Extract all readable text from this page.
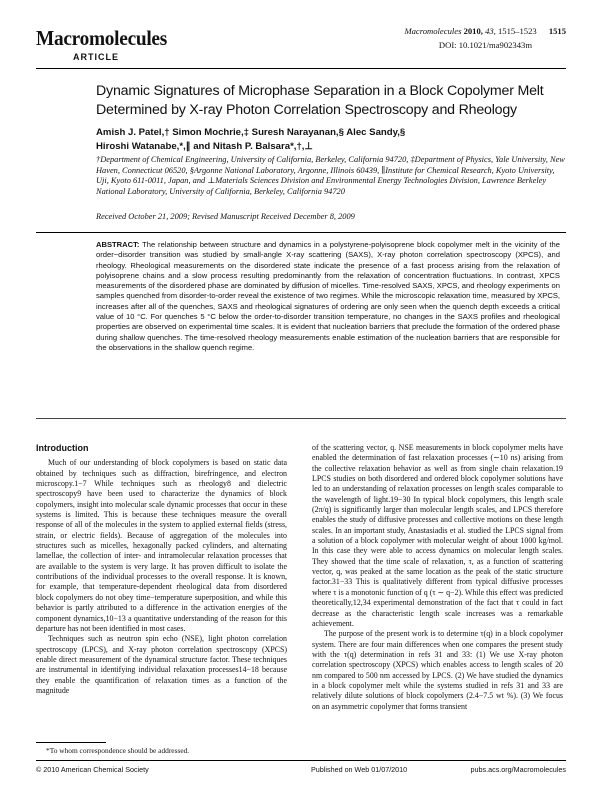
Macromolecules
ARTICLE
Macromolecules 2010, 43, 1515–1523 1515
DOI: 10.1021/ma902343m
Dynamic Signatures of Microphase Separation in a Block Copolymer Melt Determined by X-ray Photon Correlation Spectroscopy and Rheology
Amish J. Patel,† Simon Mochrie,‡ Suresh Narayanan,§ Alec Sandy,§
Hiroshi Watanabe,*,∥ and Nitash P. Balsara*,†,⊥
†Department of Chemical Engineering, University of California, Berkeley, California 94720, ‡Department of Physics, Yale University, New Haven, Connecticut 06520, §Argonne National Laboratory, Argonne, Illinois 60439, ∥Institute for Chemical Research, Kyoto University, Uji, Kyoto 611-0011, Japan, and ⊥Materials Sciences Division and Environmental Energy Technologies Division, Lawrence Berkeley National Laboratory, University of California, Berkeley, California 94720
Received October 21, 2009; Revised Manuscript Received December 8, 2009
ABSTRACT: The relationship between structure and dynamics in a polystyrene-polyisoprene block copolymer melt in the vicinity of the order−disorder transition was studied by small-angle X-ray scattering (SAXS), X-ray photon correlation spectroscopy (XPCS), and rheology. Rheological measurements on the disordered state indicate the presence of a fast process arising from the relaxation of polyisoprene chains and a slow process resulting predominantly from the relaxation of concentration fluctuations. In contrast, XPCS measurements of the disordered phase are dominated by diffusion of micelles. Time-resolved SAXS, XPCS, and rheology experiments on samples quenched from disorder-to-order reveal the existence of two regimes. While the microscopic relaxation time, measured by XPCS, increases after all of the quenches, SAXS and rheological signatures of ordering are only seen when the quench depth exceeds a critical value of 10 °C. For quenches 5 °C below the order-to-disorder transition temperature, no changes in the SAXS profiles and rheological properties are observed on experimental time scales. It is evident that nucleation barriers that preclude the formation of the ordered phase during shallow quenches. The time-resolved rheology measurements enable estimation of the nucleation barriers that are responsible for the observations in the shallow quench regime.
Introduction

Much of our understanding of block copolymers is based on static data obtained by techniques such as diffraction, birefringence, and electron microscopy.1−7 While techniques such as rheology8 and dielectric spectroscopy9 have been used to characterize the dynamics of block copolymers, insight into molecular scale dynamic processes that occur in these systems is limited. This is because these techniques measure the overall response of all of the molecules in the system to applied external fields (stress, strain, or electric fields). Because of aggregation of the molecules into structures such as micelles, hexagonally packed cylinders, and alternating lamellae, the collection of inter- and intramolecular relaxation processes that are available to the system is very large. It has proven difficult to isolate the contributions of the individual processes to the overall response. It is known, for example, that temperature-dependent rheological data from disordered block copolymers do not obey time−temperature superposition, and while this behavior is partly attributed to a difference in the activation energies of the component dynamics,10−13 a quantitative understanding of the reason for this departure has not been identified in most cases.

Techniques such as neutron spin echo (NSE), light photon correlation spectroscopy (LPCS), and X-ray photon correlation spectroscopy (XPCS) enable direct measurement of the dynamical structure factor. These techniques are instrumental in identifying individual relaxation processes14−18 because they enable the quantification of relaxation times as a function of the magnitude

of the scattering vector, q. NSE measurements in block copolymer melts have enabled the determination of fast relaxation processes (∼10 ns) arising from the collective relaxation behavior as well as from single chain relaxation.19 LPCS studies on both disordered and ordered block copolymer solutions have led to an understanding of relaxation processes on length scales comparable to the wavelength of light.19−30 In typical block copolymers, this length scale (2π/q) is significantly larger than molecular length scales, and LPCS therefore enables the study of diffusive processes and collective motions on these length scales. In an important study, Anastasiadis et al. studied the LPCS signal from a solution of a block copolymer with molecular weight of about 1000 kg/mol. In this case they were able to access dynamics on molecular length scales. They showed that the time scale of relaxation, τ, as a function of scattering vector, q, was peaked at the same location as the peak of the static structure factor.31−33 This is qualitatively different from typical diffusive processes where τ is a monotonic function of q (τ ∼ q−2). While this effect was predicted theoretically,12,34 experimental demonstration of the fact that τ could in fact decrease as the characteristic length scale increases was a remarkable achievement.

The purpose of the present work is to determine τ(q) in a block copolymer system. There are four main differences when one compares the present study with the τ(q) determination in refs 31 and 33: (1) We use X-ray photon correlation spectroscopy (XPCS) which enables access to length scales of 20 nm compared to 500 nm accessed by LPCS. (2) We have studied the dynamics in a block copolymer melt while the systems studied in refs 31 and 33 are relatively dilute solutions of block copolymers (2.4−7.5 wt %). (3) We focus on an asymmetric copolymer that forms transient

*To whom correspondence should be addressed.
© 2010 American Chemical Society	Published on Web 01/07/2010	pubs.acs.org/Macromolecules
